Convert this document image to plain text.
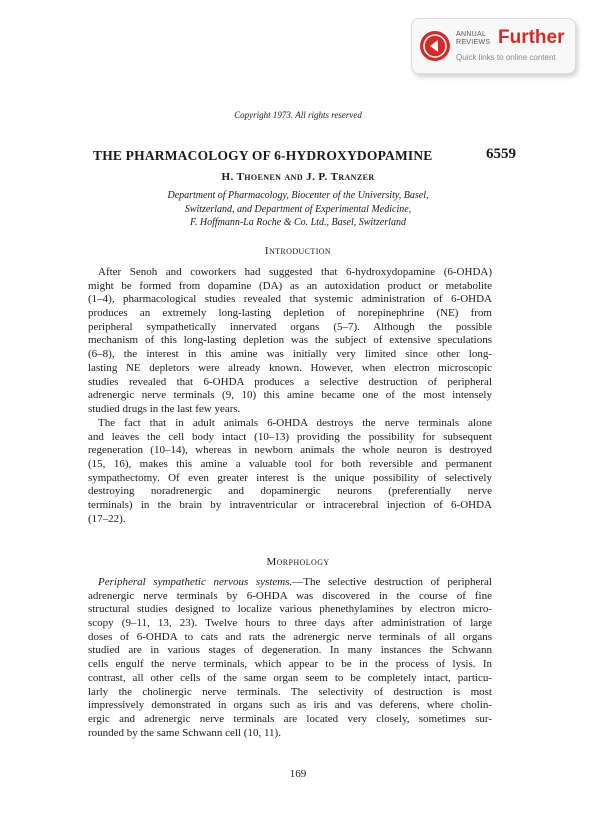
ANNUAL
REVIEWS Further
Quick links to online content
Copyright 1973. All rights reserved
THE PHARMACOLOGY OF 6-HYDROXYDOPAMINE	6559
H. Thoenen and J. P. Tranzer
Department of Pharmacology, Biocenter of the University, Basel,
Switzerland, and Department of Experimental Medicine,
F. Hoffmann-La Roche & Co. Ltd., Basel, Switzerland
Introduction
After Senoh and coworkers had suggested that 6-hydroxydopamine (6-OHDA)
might be formed from dopamine (DA) as an autoxidation product or metabolite
(1–4), pharmacological studies revealed that systemic administration of 6-OHDA
produces an extremely long-lasting depletion of norepinephrine (NE) from
peripheral sympathetically innervated organs (5–7). Although the possible
mechanism of this long-lasting depletion was the subject of extensive speculations
(6–8), the interest in this amine was initially very limited since other long-
lasting NE depletors were already known. However, when electron microscopic
studies revealed that 6-OHDA produces a selective destruction of peripheral
adrenergic nerve terminals (9, 10) this amine became one of the most intensely
studied drugs in the last few years.
The fact that in adult animals 6-OHDA destroys the nerve terminals alone
and leaves the cell body intact (10–13) providing the possibility for subsequent
regeneration (10–14), whereas in newborn animals the whole neuron is destroyed
(15, 16), makes this amine a valuable tool for both reversible and permanent
sympathectomy. Of even greater interest is the unique possibility of selectively
destroying noradrenergic and dopaminergic neurons (preferentially nerve
terminals) in the brain by intraventricular or intracerebral injection of 6-OHDA
(17–22).
Morphology
Peripheral sympathetic nervous systems.—The selective destruction of peripheral
adrenergic nerve terminals by 6-OHDA was discovered in the course of fine
structural studies designed to localize various phenethylamines by electron micro-
scopy (9–11, 13, 23). Twelve hours to three days after administration of large
doses of 6-OHDA to cats and rats the adrenergic nerve terminals of all organs
studied are in various stages of degeneration. In many instances the Schwann
cells engulf the nerve terminals, which appear to be in the process of lysis. In
contrast, all other cells of the same organ seem to be completely intact, particu-
larly the cholinergic nerve terminals. The selectivity of destruction is most
impressively demonstrated in organs such as iris and vas deferens, where cholin-
ergic and adrenergic nerve terminals are located very closely, sometimes sur-
rounded by the same Schwann cell (10, 11).
169
